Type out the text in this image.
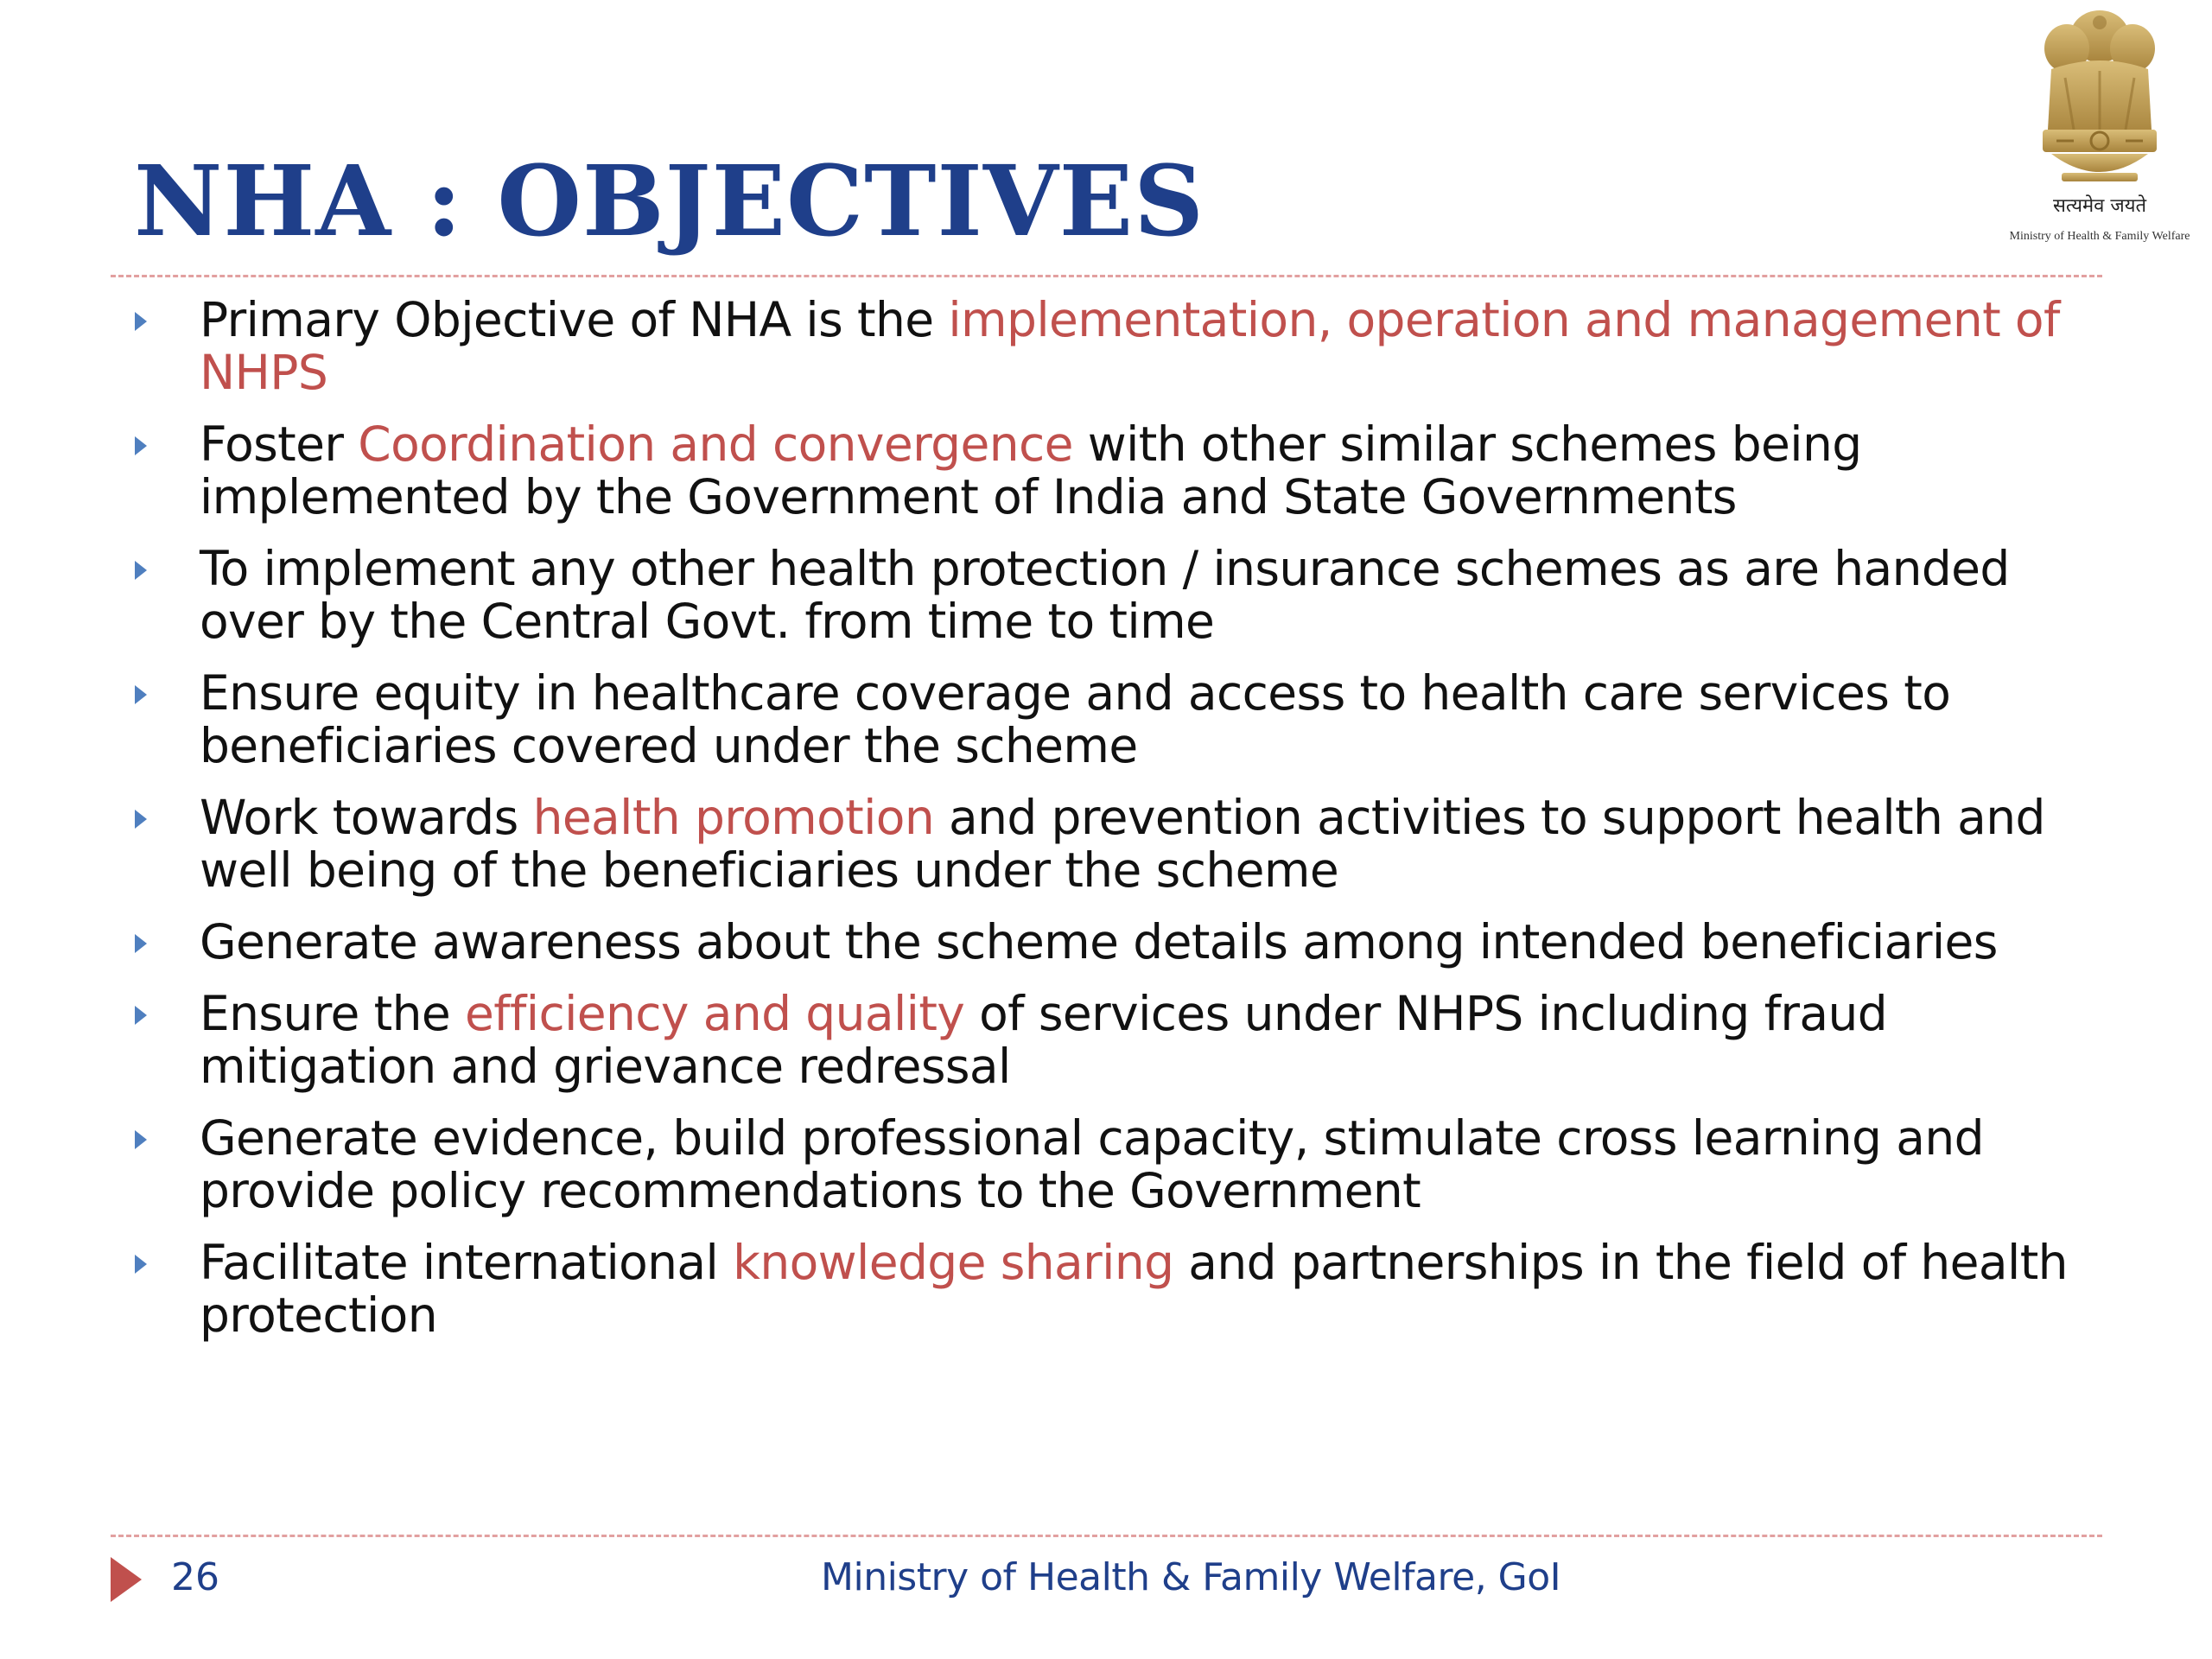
NHA : OBJECTIVES	सत्यमेव जयते
Ministry of Health & Family Welfare
Primary Objective of NHA is the implementation, operation and management of NHPS
Foster Coordination and convergence with other similar schemes being implemented by the Government of India and State Governments
To implement any other health protection / insurance schemes as are handed over by the Central Govt. from time to time
Ensure equity in healthcare coverage and access to health care services to beneficiaries covered under the scheme
Work towards health promotion and prevention activities to support health and well being of the beneficiaries under the scheme
Generate awareness about the scheme details among intended beneficiaries
Ensure the efficiency and quality of services under NHPS including fraud mitigation and grievance redressal
Generate evidence, build professional capacity, stimulate cross learning and provide policy recommendations to the Government
Facilitate international knowledge sharing and partnerships in the field of health protection
26	Ministry of Health & Family Welfare, GoI
